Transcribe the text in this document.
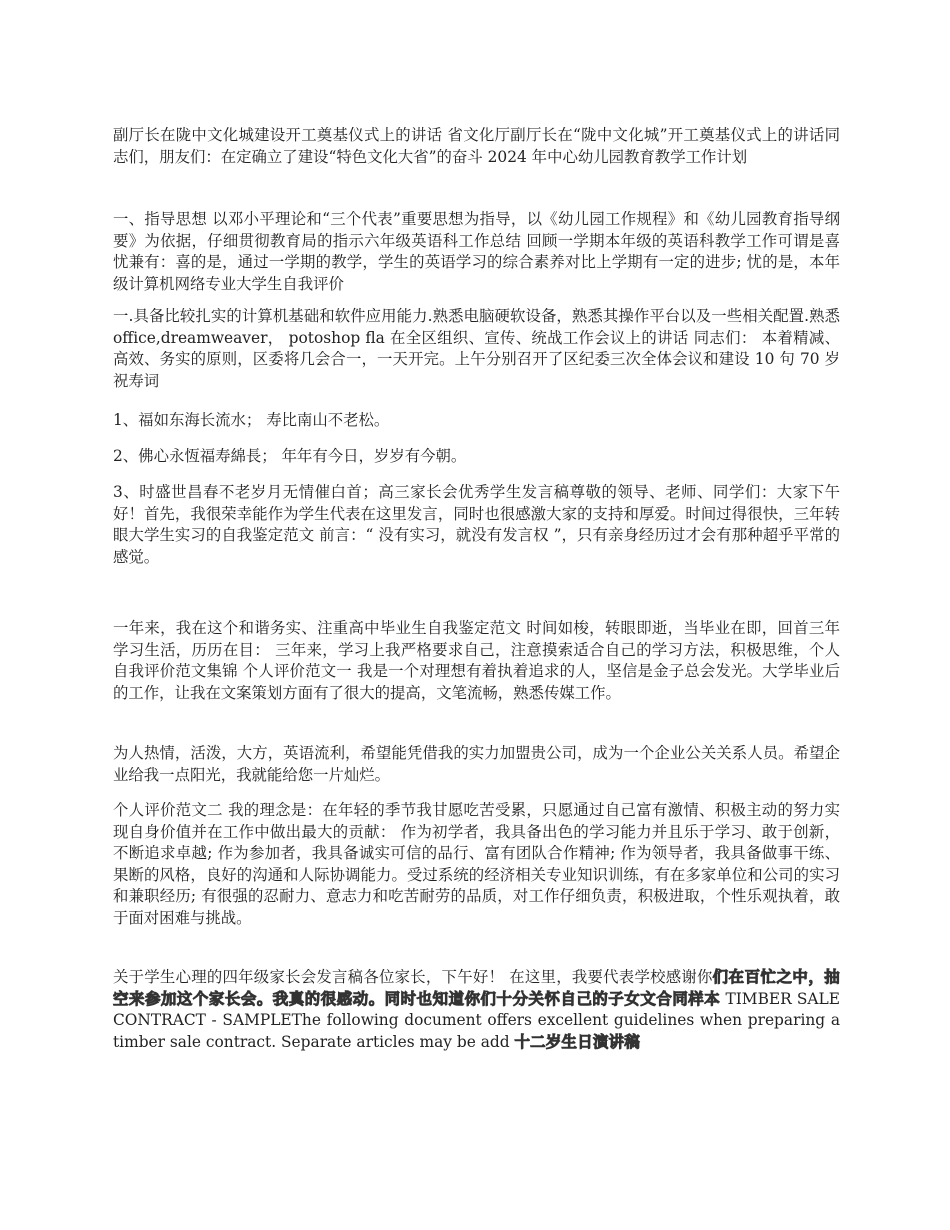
副厅长在陇中文化城建设开工奠基仪式上的讲话 省文化厅副厅长在“陇中文化城”开工奠基仪式上的讲话同志们，朋友们：在定确立了建设“特色文化大省”的奋斗 2024 年中心幼儿园教育教学工作计划

一、指导思想 以邓小平理论和“三个代表”重要思想为指导，以《幼儿园工作规程》和《幼儿园教育指导纲要》为依据，仔细贯彻教育局的指示六年级英语科工作总结 回顾一学期本年级的英语科教学工作可谓是喜忧兼有：喜的是，通过一学期的教学，学生的英语学习的综合素养对比上学期有一定的进步; 忧的是，本年级计算机网络专业大学生自我评价

一.具备比较扎实的计算机基础和软件应用能力.熟悉电脑硬软设备，熟悉其操作平台以及一些相关配置.熟悉 office,dreamweaver， potoshop fla 在全区组织、宣传、统战工作会议上的讲话 同志们： 本着精减、高效、务实的原则，区委将几会合一，一天开完。上午分别召开了区纪委三次全体会议和建设 10 句 70 岁祝寿词

1、福如东海长流水； 寿比南山不老松。

2、佛心永恆福寿綿長； 年年有今日，岁岁有今朝。

3、时盛世昌春不老岁月无情催白首；高三家长会优秀学生发言稿尊敬的领导、老师、同学们：大家下午好！首先，我很荣幸能作为学生代表在这里发言，同时也很感激大家的支持和厚爱。时间过得很快，三年转眼大学生实习的自我鉴定范文 前言：“ 没有实习，就没有发言权 ”，只有亲身经历过才会有那种超乎平常的感觉。

一年来，我在这个和谐务实、注重高中毕业生自我鉴定范文 时间如梭，转眼即逝，当毕业在即，回首三年学习生活，历历在目： 三年来，学习上我严格要求自己，注意摸索适合自己的学习方法，积极思维，个人自我评价范文集锦 个人评价范文一 我是一个对理想有着执着追求的人，坚信是金子总会发光。大学毕业后的工作，让我在文案策划方面有了很大的提高，文笔流畅，熟悉传媒工作。

为人热情，活泼，大方，英语流利，希望能凭借我的实力加盟贵公司，成为一个企业公关关系人员。希望企业给我一点阳光，我就能给您一片灿烂。

个人评价范文二 我的理念是：在年轻的季节我甘愿吃苦受累，只愿通过自己富有激情、积极主动的努力实现自身价值并在工作中做出最大的贡献： 作为初学者，我具备出色的学习能力并且乐于学习、敢于创新，不断追求卓越; 作为参加者，我具备诚实可信的品行、富有团队合作精神; 作为领导者，我具备做事干练、果断的风格，良好的沟通和人际协调能力。受过系统的经济相关专业知识训练，有在多家单位和公司的实习和兼职经历; 有很强的忍耐力、意志力和吃苦耐劳的品质，对工作仔细负责，积极进取，个性乐观执着，敢于面对困难与挑战。

关于学生心理的四年级家长会发言稿各位家长，下午好！ 在这里，我要代表学校感谢你们在百忙之中，抽空来参加这个家长会。我真的很感动。同时也知道你们十分关怀自己的子女文合同样本 TIMBER SALE CONTRACT - SAMPLEThe following document offers excellent guidelines when preparing a timber sale contract. Separate articles may be add 十二岁生日演讲稿
